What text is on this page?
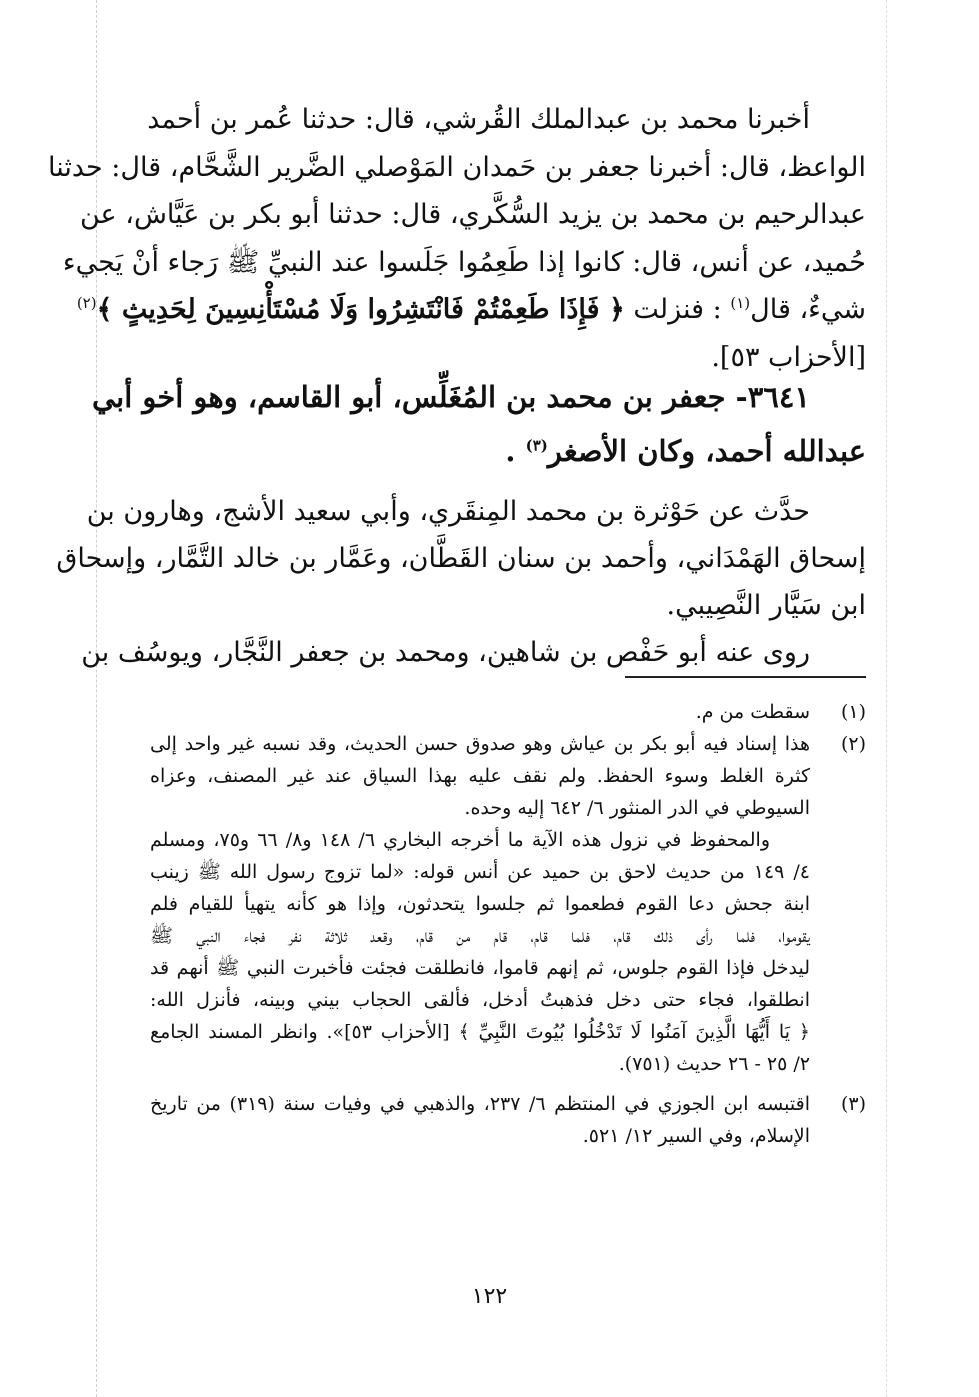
أخبرنا محمد بن عبدالملك القُرشي، قال: حدثنا عُمر بن أحمد
الواعظ، قال: أخبرنا جعفر بن حَمدان المَوْصلي الضَّرير الشَّحَّام، قال: حدثنا
عبدالرحيم بن محمد بن يزيد السُّكَّري، قال: حدثنا أبو بكر بن عَيَّاش، عن
حُميد، عن أنس، قال: كانوا إذا طَعِمُوا جَلَسوا عند النبيِّ ﷺ رَجاء أنْ يَجيء
شيءٌ، قال$^{(١)}$ : فنزلت ﴿ فَإِذَا طَعِمْتُمْ فَانْتَشِرُوا وَلَا مُسْتَأْنِسِينَ لِحَدِيثٍ ﴾$^{(٢)}$
[الأحزاب ٥٣].
٣٦٤١- جعفر بن محمد بن المُغَلِّس، أبو القاسم، وهو أخو أبي
عبدالله أحمد، وكان الأصغر$^{(٣)}$ .
حدَّث عن حَوْثرة بن محمد المِنقَري، وأبي سعيد الأشج، وهارون بن
إسحاق الهَمْدَاني، وأحمد بن سنان القَطَّان، وعَمَّار بن خالد التَّمَّار، وإسحاق
ابن سَيَّار النَّصِيبي.
روى عنه أبو حَفْص بن شاهين، ومحمد بن جعفر النَّجَّار، ويوسُف بن
(١)
سقطت من م.
(٢)
هذا إسناد فيه أبو بكر بن عياش وهو صدوق حسن الحديث، وقد نسبه غير واحد إلى
كثرة الغلط وسوء الحفظ. ولم نقف عليه بهذا السياق عند غير المصنف، وعزاه
السيوطي في الدر المنثور ٦/ ٦٤٢ إليه وحده.
والمحفوظ في نزول هذه الآية ما أخرجه البخاري ٦/ ١٤٨ و٨/ ٦٦ و٧٥، ومسلم
٤/ ١٤٩ من حديث لاحق بن حميد عن أنس قوله: «لما تزوج رسول الله ﷺ زينب
ابنة جحش دعا القوم فطعموا ثم جلسوا يتحدثون، وإذا هو كأنه يتهيأ للقيام فلم
يقوموا، فلما رأى ذلك قام، فلما قام، قام من قام، وقعد ثلاثة نفر فجاء النبي ﷺ
ليدخل فإذا القوم جلوس، ثم إنهم قاموا، فانطلقت فجئت فأخبرت النبي ﷺ أنهم قد
انطلقوا، فجاء حتى دخل فذهبتُ أدخل، فألقى الحجاب بيني وبينه، فأنزل الله:
﴿ يَا أَيُّهَا الَّذِينَ آمَنُوا لَا تَدْخُلُوا بُيُوتَ النَّبِيِّ ﴾ [الأحزاب ٥٣]». وانظر المسند الجامع
٢/ ٢٥ - ٢٦ حديث (٧٥١).
(٣)
اقتبسه ابن الجوزي في المنتظم ٦/ ٢٣٧، والذهبي في وفيات سنة (٣١٩) من تاريخ
الإسلام، وفي السير ١٢/ ٥٢١.
١٢٢
